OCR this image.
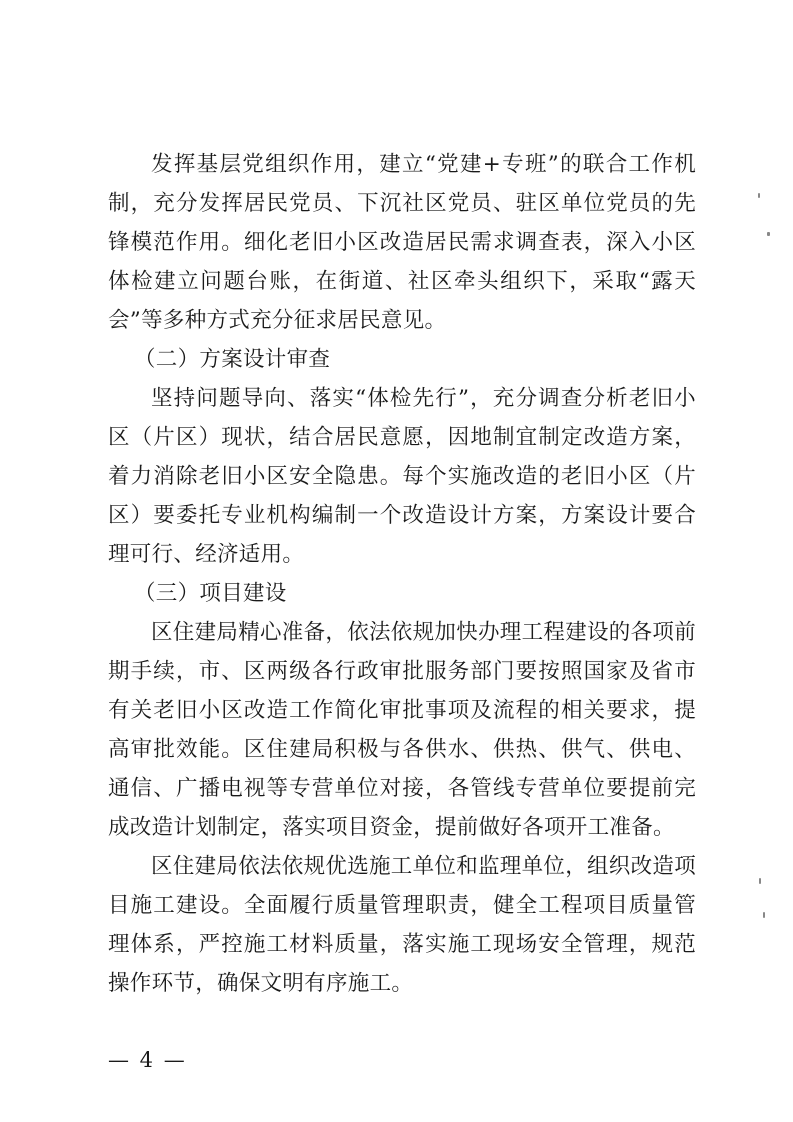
发挥基层党组织作用，建立“党建+专班”的联合工作机制，充分发挥居民党员、下沉社区党员、驻区单位党员的先锋模范作用。细化老旧小区改造居民需求调查表，深入小区体检建立问题台账，在街道、社区牵头组织下，采取“露天会”等多种方式充分征求居民意见。

（二）方案设计审查

坚持问题导向、落实“体检先行”，充分调查分析老旧小区（片区）现状，结合居民意愿，因地制宜制定改造方案，着力消除老旧小区安全隐患。每个实施改造的老旧小区（片区）要委托专业机构编制一个改造设计方案，方案设计要合理可行、经济适用。

（三）项目建设

区住建局精心准备，依法依规加快办理工程建设的各项前期手续，市、区两级各行政审批服务部门要按照国家及省市有关老旧小区改造工作简化审批事项及流程的相关要求，提高审批效能。区住建局积极与各供水、供热、供气、供电、通信、广播电视等专营单位对接，各管线专营单位要提前完成改造计划制定，落实项目资金，提前做好各项开工准备。

区住建局依法依规优选施工单位和监理单位，组织改造项目施工建设。全面履行质量管理职责，健全工程项目质量管理体系，严控施工材料质量，落实施工现场安全管理，规范操作环节，确保文明有序施工。

— 4 —
